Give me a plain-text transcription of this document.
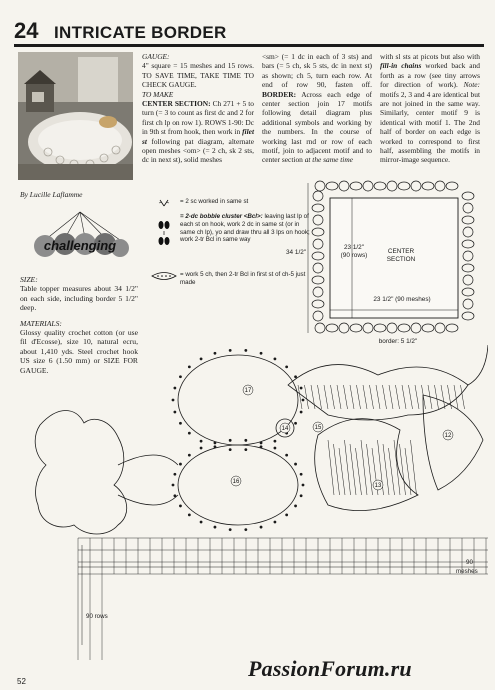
24 INTRICATE BORDER
By Lucille Laflamme
challenging
SIZE:
Table topper measures about 34 1/2" on each side, including border 5 1/2" deep.
MATERIALS:
Glossy quality crochet cotton (or use fil d'Ecosse), size 10, natural ecru, about 1,410 yds. Steel crochet hook US size 6 (1.50 mm) or SIZE FOR GAUGE.
GAUGE:
4" square = 15 meshes and 15 rows. TO SAVE TIME, TAKE TIME TO CHECK GAUGE.
TO MAKE
CENTER SECTION: Ch 271 + 5 to turn (= 3 to count as first dc and 2 for first ch lp on row 1). ROWS 1-90: Dc in 9th st from hook, then work in filet st following pat diagram, alternate open meshes <om> (= 2 ch, sk 2 sts, dc in next st), solid meshes
<sm> (= 1 dc in each of 3 sts) and bars (= 5 ch, sk 5 sts, dc in next st) as shown; ch 5, turn each row. At end of row 90, fasten off. BORDER: Across each edge of center section join 17 motifs following detail diagram plus additional symbols and working by the numbers. In the course of working last rnd or row of each motif, join to adjacent motif and to center section at the same time
with sl sts at picots but also with fill-in chains worked back and forth as a row (see tiny arrows for direction of work). Note: motifs 2, 3 and 4 are identical but are not joined in the same way. Similarly, center motif 9 is identical with motif 1. The 2nd half of border on each edge is worked to correspond to first half, assembling the motifs in mirror-image sequence.
= 2 sc worked in same st
= 2-dc bobble cluster <Bcl>: leaving last lp of each st on hook, work 2 dc in same st (or in same ch lp), yo and draw thru all 3 lps on hook; work 2-tr Bcl in same way
= work 5 ch, then 2-tr Bcl in first st of ch-5 just made
34 1/2"
23 1/2"
(90 rows)
CENTER SECTION
23 1/2" (90 meshes)
border: 5 1/2"
17
16
14	15
13
12
90 rows
90
meshes
52
PassionForum.ru
